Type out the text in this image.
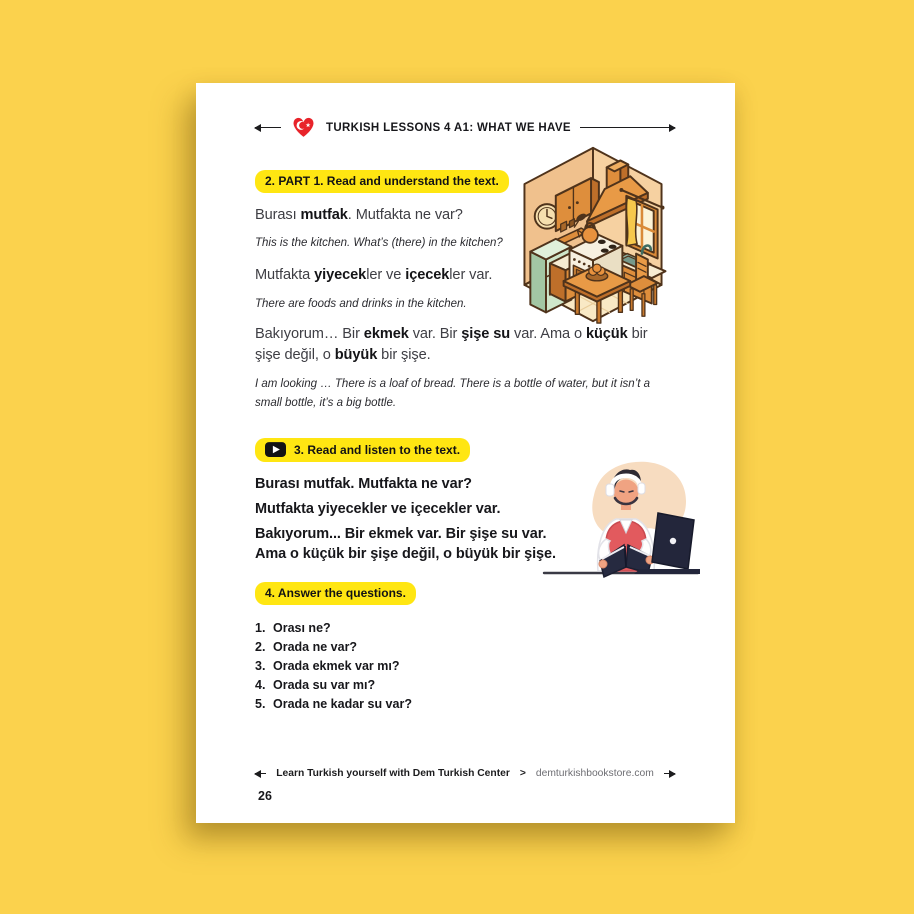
TURKISH LESSONS 4 A1: WHAT WE HAVE
2. PART 1. Read and understand the text.

Burası mutfak. Mutfakta ne var?

This is the kitchen. What’s (there) in the kitchen?

Mutfakta yiyecekler ve içecekler var.

There are foods and drinks in the kitchen.

Bakıyorum… Bir ekmek var. Bir şişe su var. Ama o küçük bir şişe değil, o büyük bir şişe.

I am looking … There is a loaf of bread. There is a bottle of water, but it isn’t a small bottle, it’s a big bottle.

3. Read and listen to the text.

Burası mutfak. Mutfakta ne var?

Mutfakta yiyecekler ve içecekler var.

Bakıyorum... Bir ekmek var. Bir şişe su var.

Ama o küçük bir şişe değil, o büyük bir şişe.

4. Answer the questions.
1. Orası ne?
2. Orada ne var?
3. Orada ekmek var mı?
4. Orada su var mı?
5. Orada ne kadar su var?
Learn Turkish yourself with Dem Turkish Center > demturkishbookstore.com
26
